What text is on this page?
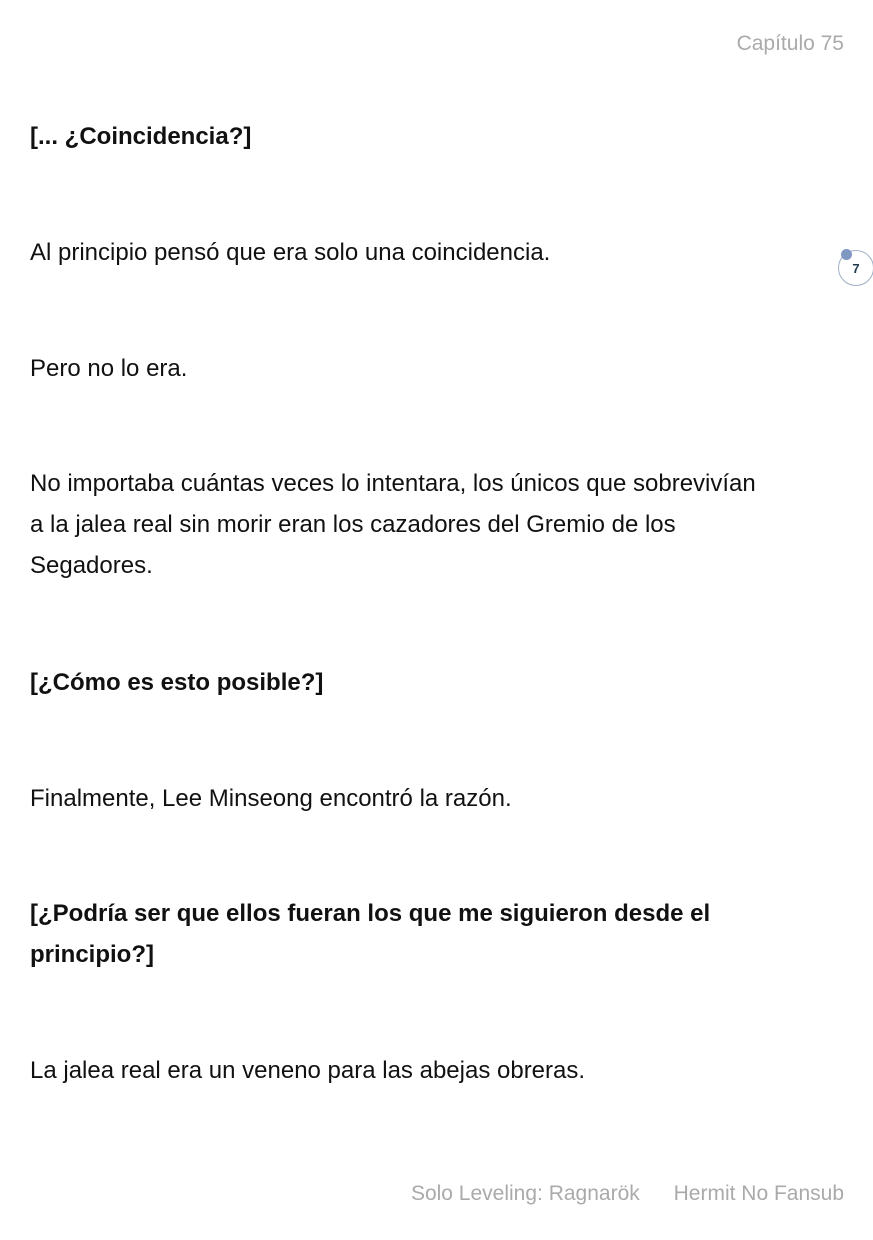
Capítulo 75

[... ¿Coincidencia?]

Al principio pensó que era solo una coincidencia.

Pero no lo era.

No importaba cuántas veces lo intentara, los únicos que sobrevivían a la jalea real sin morir eran los cazadores del Gremio de los Segadores.

[¿Cómo es esto posible?]

Finalmente, Lee Minseong encontró la razón.

[¿Podría ser que ellos fueran los que me siguieron desde el principio?]

La jalea real era un veneno para las abejas obreras.

7
Solo Leveling: Ragnarök Hermit No Fansub
